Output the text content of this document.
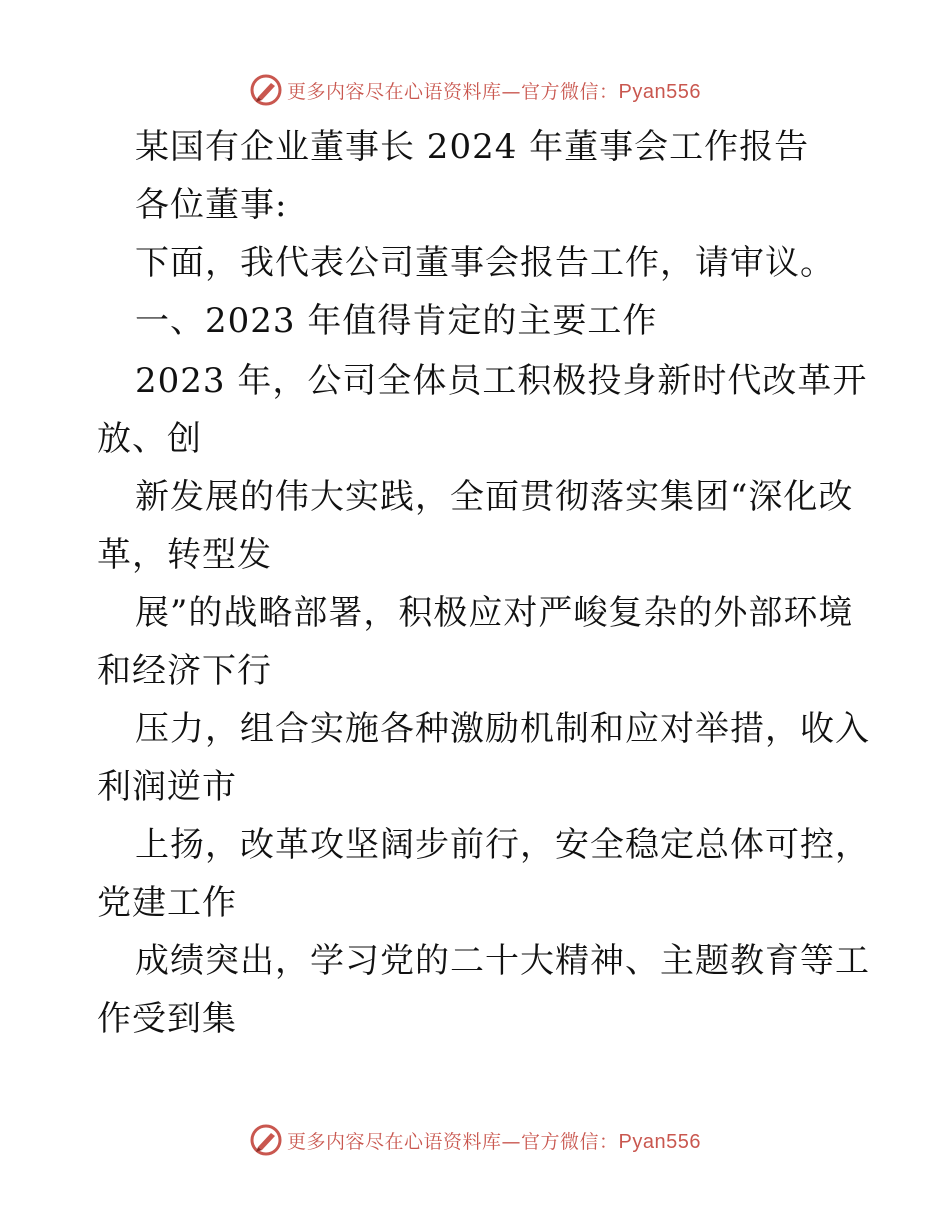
更多内容尽在心语资料库—官方微信：Pyan556
某国有企业董事长 2024 年董事会工作报告
各位董事:
下面，我代表公司董事会报告工作，请审议。
一、2023 年值得肯定的主要工作
2023 年，公司全体员工积极投身新时代改革开
放、创
新发展的伟大实践，全面贯彻落实集团“深化改
革，转型发
展”的战略部署，积极应对严峻复杂的外部环境
和经济下行
压力，组合实施各种激励机制和应对举措，收入
利润逆市
上扬，改革攻坚阔步前行，安全稳定总体可控，
党建工作
成绩突出，学习党的二十大精神、主题教育等工
作受到集
更多内容尽在心语资料库—官方微信：Pyan556
